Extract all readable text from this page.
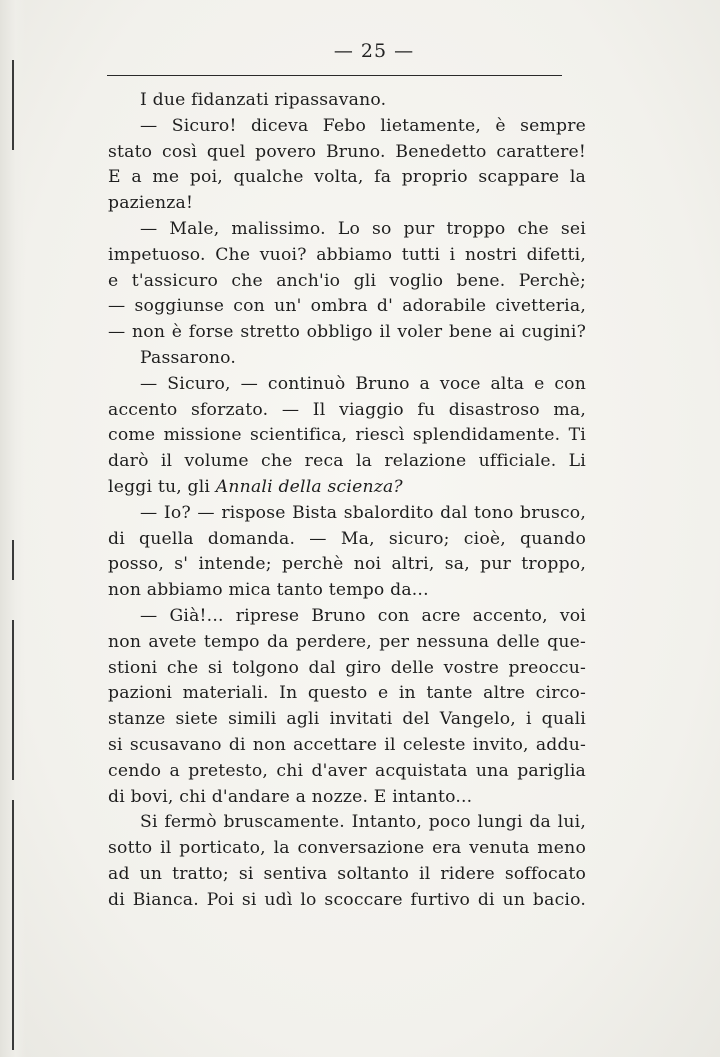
— 25 —
I due fidanzati ripassavano.
— Sicuro! diceva Febo lietamente, è sempre
stato così quel povero Bruno. Benedetto carattere!
E a me poi, qualche volta, fa proprio scappare la
pazienza!
— Male, malissimo. Lo so pur troppo che sei
impetuoso. Che vuoi? abbiamo tutti i nostri difetti,
e t'assicuro che anch'io gli voglio bene. Perchè;
— soggiunse con un' ombra d' adorabile civetteria,
— non è forse stretto obbligo il voler bene ai cugini?
Passarono.
— Sicuro, — continuò Bruno a voce alta e con
accento sforzato. — Il viaggio fu disastroso ma,
come missione scientifica, riescì splendidamente. Ti
darò il volume che reca la relazione ufficiale. Li
leggi tu, gli Annali della scienza?
— Io? — rispose Bista sbalordito dal tono brusco,
di quella domanda. — Ma, sicuro; cioè, quando
posso, s' intende; perchè noi altri, sa, pur troppo,
non abbiamo mica tanto tempo da...
— Già!... riprese Bruno con acre accento, voi
non avete tempo da perdere, per nessuna delle que-
stioni che si tolgono dal giro delle vostre preoccu-
pazioni materiali. In questo e in tante altre circo-
stanze siete simili agli invitati del Vangelo, i quali
si scusavano di non accettare il celeste invito, addu-
cendo a pretesto, chi d'aver acquistata una pariglia
di bovi, chi d'andare a nozze. E intanto...
Si fermò bruscamente. Intanto, poco lungi da lui,
sotto il porticato, la conversazione era venuta meno
ad un tratto; si sentiva soltanto il ridere soffocato
di Bianca. Poi si udì lo scoccare furtivo di un bacio.
